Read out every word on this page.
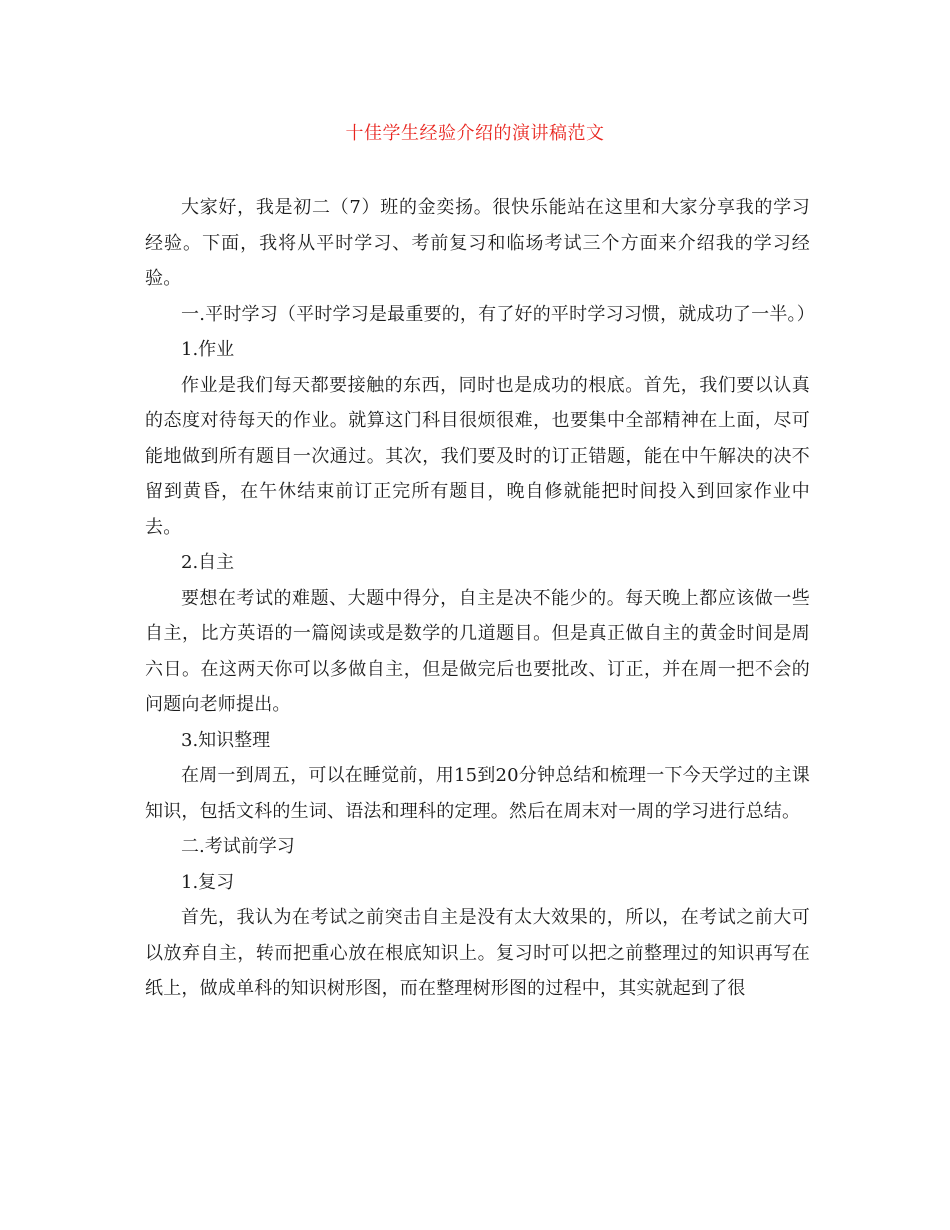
十佳学生经验介绍的演讲稿范文

大家好，我是初二（7）班的金奕扬。很快乐能站在这里和大家分享我的学习经验。下面，我将从平时学习、考前复习和临场考试三个方面来介绍我的学习经验。

一.平时学习（平时学习是最重要的，有了好的平时学习习惯，就成功了一半。）

1.作业

作业是我们每天都要接触的东西，同时也是成功的根底。首先，我们要以认真的态度对待每天的作业。就算这门科目很烦很难，也要集中全部精神在上面，尽可能地做到所有题目一次通过。其次，我们要及时的订正错题，能在中午解决的决不留到黄昏，在午休结束前订正完所有题目，晚自修就能把时间投入到回家作业中去。

2.自主

要想在考试的难题、大题中得分，自主是决不能少的。每天晚上都应该做一些自主，比方英语的一篇阅读或是数学的几道题目。但是真正做自主的黄金时间是周六日。在这两天你可以多做自主，但是做完后也要批改、订正，并在周一把不会的问题向老师提出。

3.知识整理

在周一到周五，可以在睡觉前，用15到20分钟总结和梳理一下今天学过的主课知识，包括文科的生词、语法和理科的定理。然后在周末对一周的学习进行总结。

二.考试前学习

1.复习

首先，我认为在考试之前突击自主是没有太大效果的，所以，在考试之前大可以放弃自主，转而把重心放在根底知识上。复习时可以把之前整理过的知识再写在纸上，做成单科的知识树形图，而在整理树形图的过程中，其实就起到了很
